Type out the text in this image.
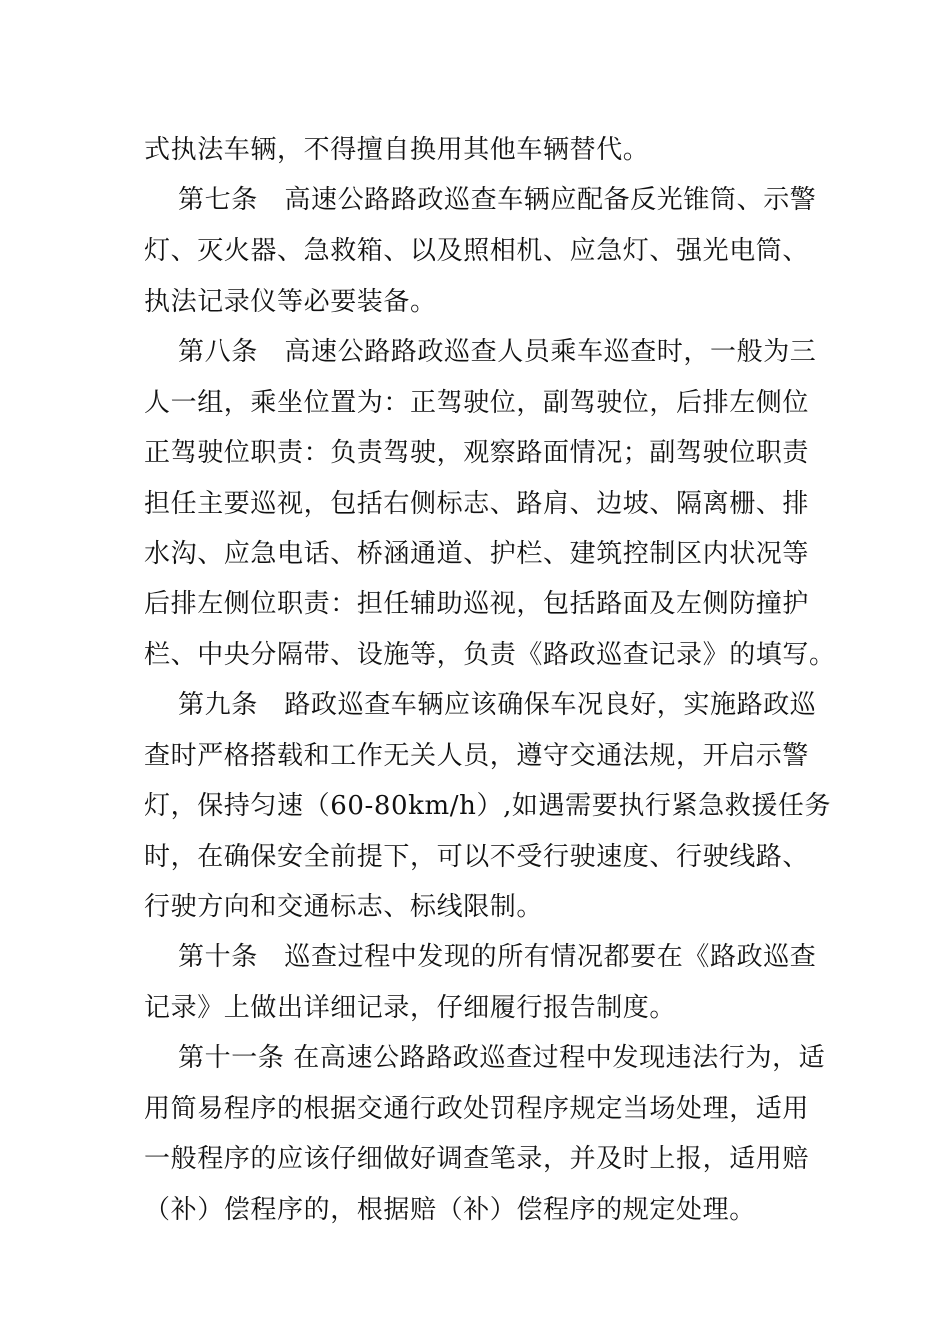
式执法车辆，不得擅自换用其他车辆替代。
第七条　高速公路路政巡查车辆应配备反光锥筒、示警
灯、灭火器、急救箱、以及照相机、应急灯、强光电筒、
执法记录仪等必要装备。
第八条　高速公路路政巡查人员乘车巡查时，一般为三
人一组，乘坐位置为：正驾驶位，副驾驶位，后排左侧位
正驾驶位职责：负责驾驶，观察路面情况；副驾驶位职责
担任主要巡视，包括右侧标志、路肩、边坡、隔离栅、排
水沟、应急电话、桥涵通道、护栏、建筑控制区内状况等
后排左侧位职责：担任辅助巡视，包括路面及左侧防撞护
栏、中央分隔带、设施等，负责《路政巡查记录》的填写。
第九条　路政巡查车辆应该确保车况良好，实施路政巡
查时严格搭载和工作无关人员，遵守交通法规，开启示警
灯，保持匀速（60-80km/h）,如遇需要执行紧急救援任务
时，在确保安全前提下，可以不受行驶速度、行驶线路、
行驶方向和交通标志、标线限制。
第十条　巡查过程中发现的所有情况都要在《路政巡查
记录》上做出详细记录，仔细履行报告制度。
第十一条 在高速公路路政巡查过程中发现违法行为，适
用简易程序的根据交通行政处罚程序规定当场处理，适用
一般程序的应该仔细做好调查笔录，并及时上报，适用赔
（补）偿程序的，根据赔（补）偿程序的规定处理。
